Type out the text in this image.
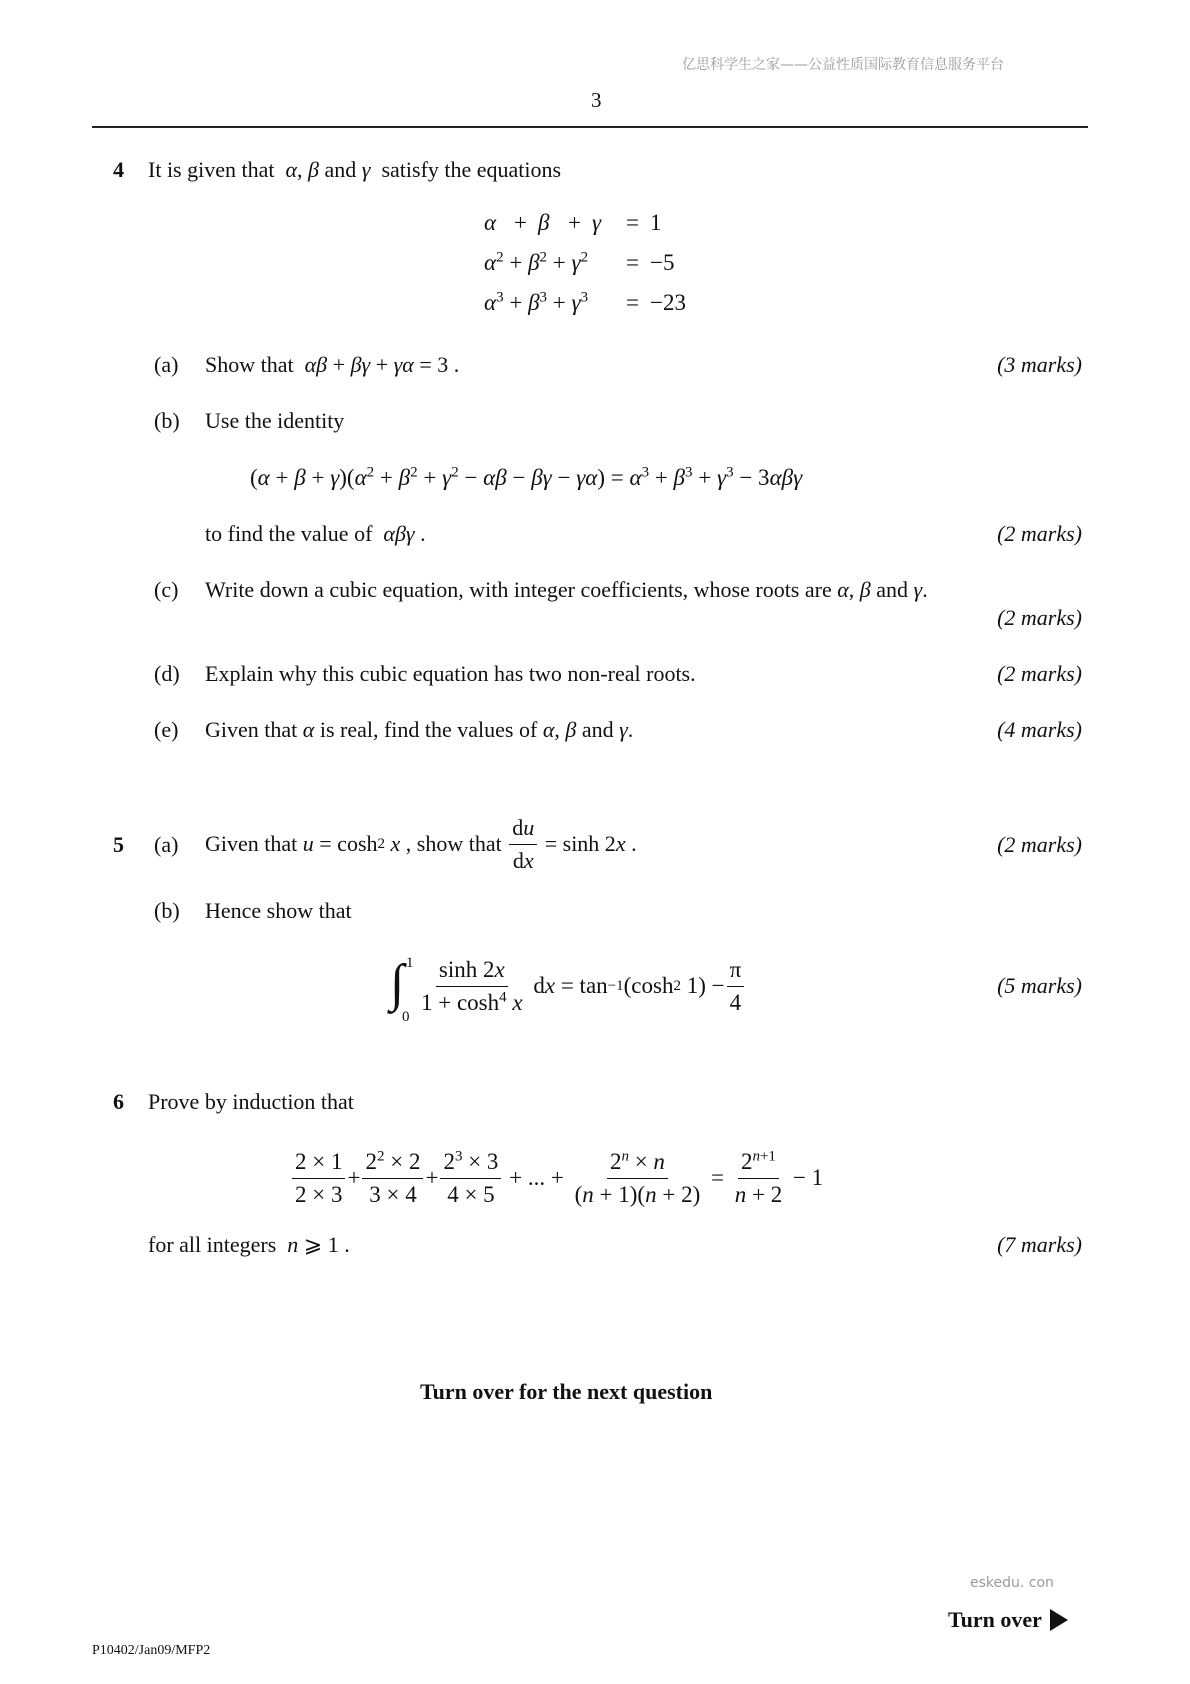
亿思科学生之家——公益性质国际教育信息服务平台
3
4 It is given that  α, β and γ  satisfy the equations
α + β + γ = 1
$\alpha^2 + \beta^2 + \gamma^2 = -5$
$\alpha^3 + \beta^3 + \gamma^3 = -23$
(a) Show that  αβ + βγ + γα = 3 .	(3 marks)
(b) Use the identity
$(\alpha + \beta + \gamma)(\alpha^2 + \beta^2 + \gamma^2 - \alpha\beta - \beta\gamma - \gamma\alpha) = \alpha^3 + \beta^3 + \gamma^3 - 3\alpha\beta\gamma$
to find the value of  αβγ .	(2 marks)
(c) Write down a cubic equation, with integer coefficients, whose roots are α, β and γ.
(2 marks)
(d) Explain why this cubic equation has two non-real roots.	(2 marks)
(e) Given that α is real, find the values of α, β and γ.	(4 marks)
5 (a) Given that u = cosh 2
x , show that $\frac{du}{dx} = \sinh 2$ x .	(2 marks)
(b) Hence show that
∫ 1
0
$\frac{\sinh 2x}{1 + \cosh^4 x}$ d x = tan −1 (cosh 2 $1) - \frac{\pi}{4}$	(5 marks)
6 Prove by induction that
$\frac{2 \times 1}{2 \times 3} + \frac{2^2 \times 2}{3 \times 4} + \frac{2^3 \times 3}{4 \times 5}$ + ... + $\frac{2^n \times n}{(n + 1)(n + 2)} = \frac{2^{n+1}}{n + 2} - 1$
for all integers  n ⩾ 1 .	(7 marks)
Turn over for the next question
eskedu. con
Turn over
P10402/Jan09/MFP2
